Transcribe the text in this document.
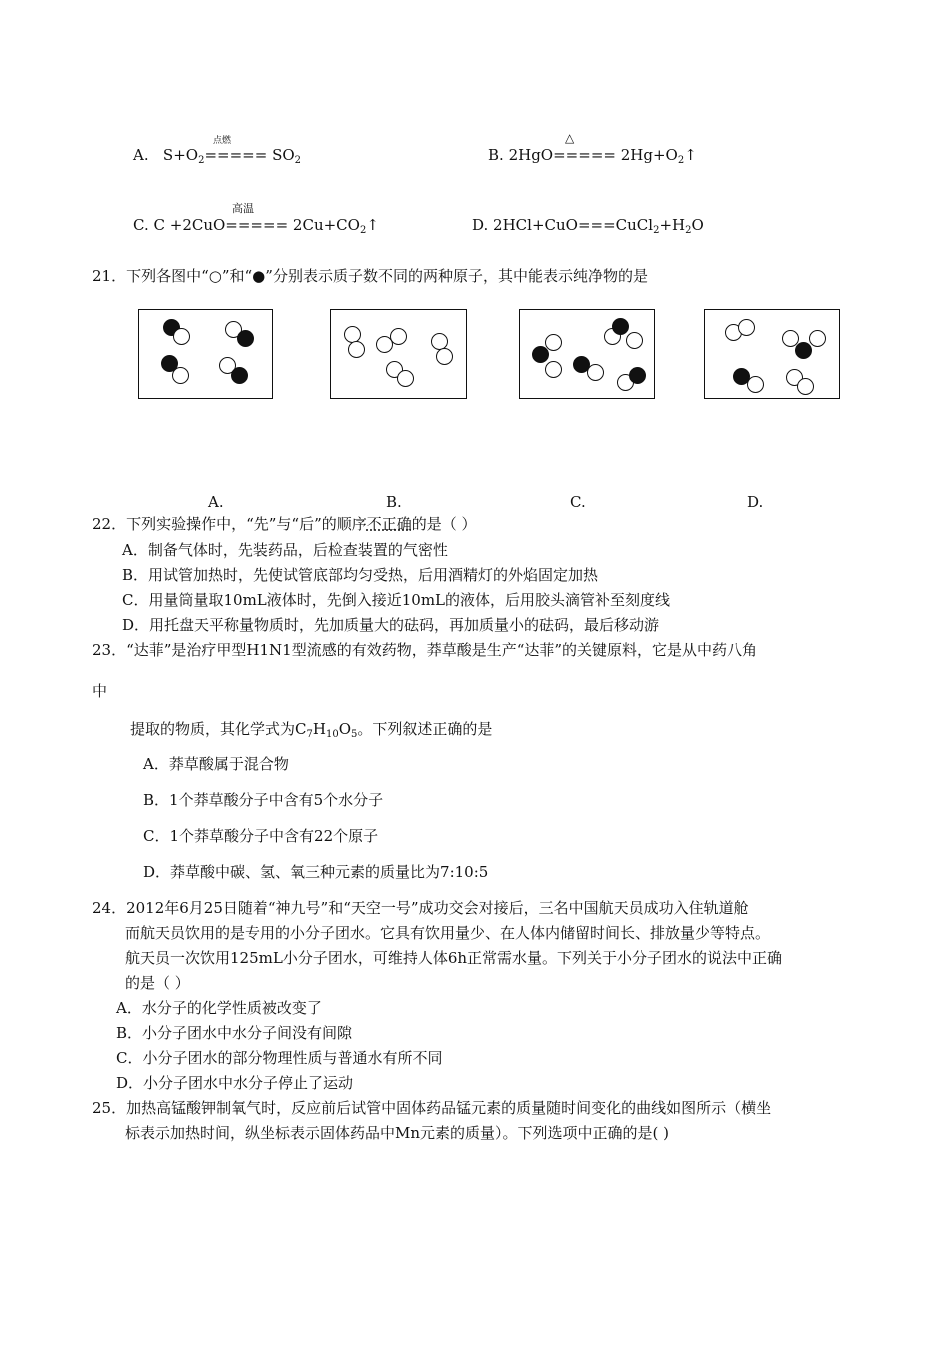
点燃
A. $S+O_2===== SO_2$
△
B. $2HgO===== 2Hg+O_2↑$
高温
C. $C +2CuO===== 2Cu+CO_2↑$	D. $2HCl+CuO===CuCl_2+H_2O$
21．下列各图中“○”和“●”分别表示质子数不同的两种原子，其中能表示纯净物的是
A.	B.	C.	D.
22．下列实验操作中，“先”与“后”的顺序不正确的是（ ）
A．制备气体时，先装药品，后检查装置的气密性
B．用试管加热时，先使试管底部均匀受热，后用酒精灯的外焰固定加热
C．用量筒量取10mL液体时，先倒入接近10mL的液体，后用胶头滴管补至刻度线
D．用托盘天平称量物质时，先加质量大的砝码，再加质量小的砝码，最后移动游
23．“达菲”是治疗甲型H1N1型流感的有效药物，莽草酸是生产“达菲”的关键原料，它是从中药八角
中
提取的物质，其化学式为$C_7H_{10}O_5$。下列叙述正确的是
A．莽草酸属于混合物
B．1个莽草酸分子中含有5个水分子
C．1个莽草酸分子中含有22个原子
D．莽草酸中碳、氢、氧三种元素的质量比为7:10:5
24．2012年6月25日随着“神九号”和“天空一号”成功交会对接后，三名中国航天员成功入住轨道舱
而航天员饮用的是专用的小分子团水。它具有饮用量少、在人体内储留时间长、排放量少等特点。
航天员一次饮用125mL小分子团水，可维持人体6h正常需水量。下列关于小分子团水的说法中正确
的是（ ）
A．水分子的化学性质被改变了
B．小分子团水中水分子间没有间隙
C．小分子团水的部分物理性质与普通水有所不同
D．小分子团水中水分子停止了运动
25．加热高锰酸钾制氧气时，反应前后试管中固体药品锰元素的质量随时间变化的曲线如图所示（横坐
标表示加热时间，纵坐标表示固体药品中Mn元素的质量）。下列选项中正确的是( )
